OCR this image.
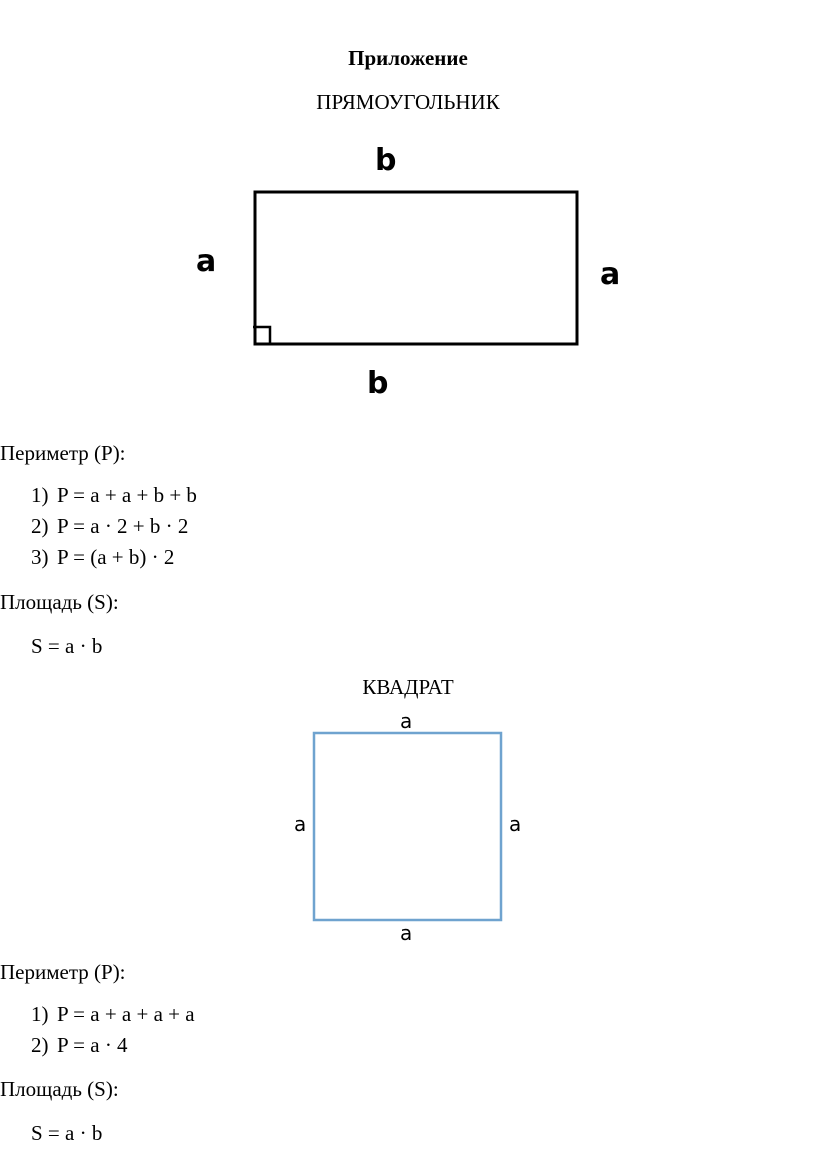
Приложение
ПРЯМОУГОЛЬНИК
b
a	a
b
Периметр (P):
1) P = a + a + b + b
2) P = a · 2 + b · 2
3) P = (a + b) · 2
Площадь (S):
S = a · b
КВАДРАТ
a
a	a
a
Периметр (P):
1) P = a + a + a + a
2) P = a · 4
Площадь (S):
S = a · b
